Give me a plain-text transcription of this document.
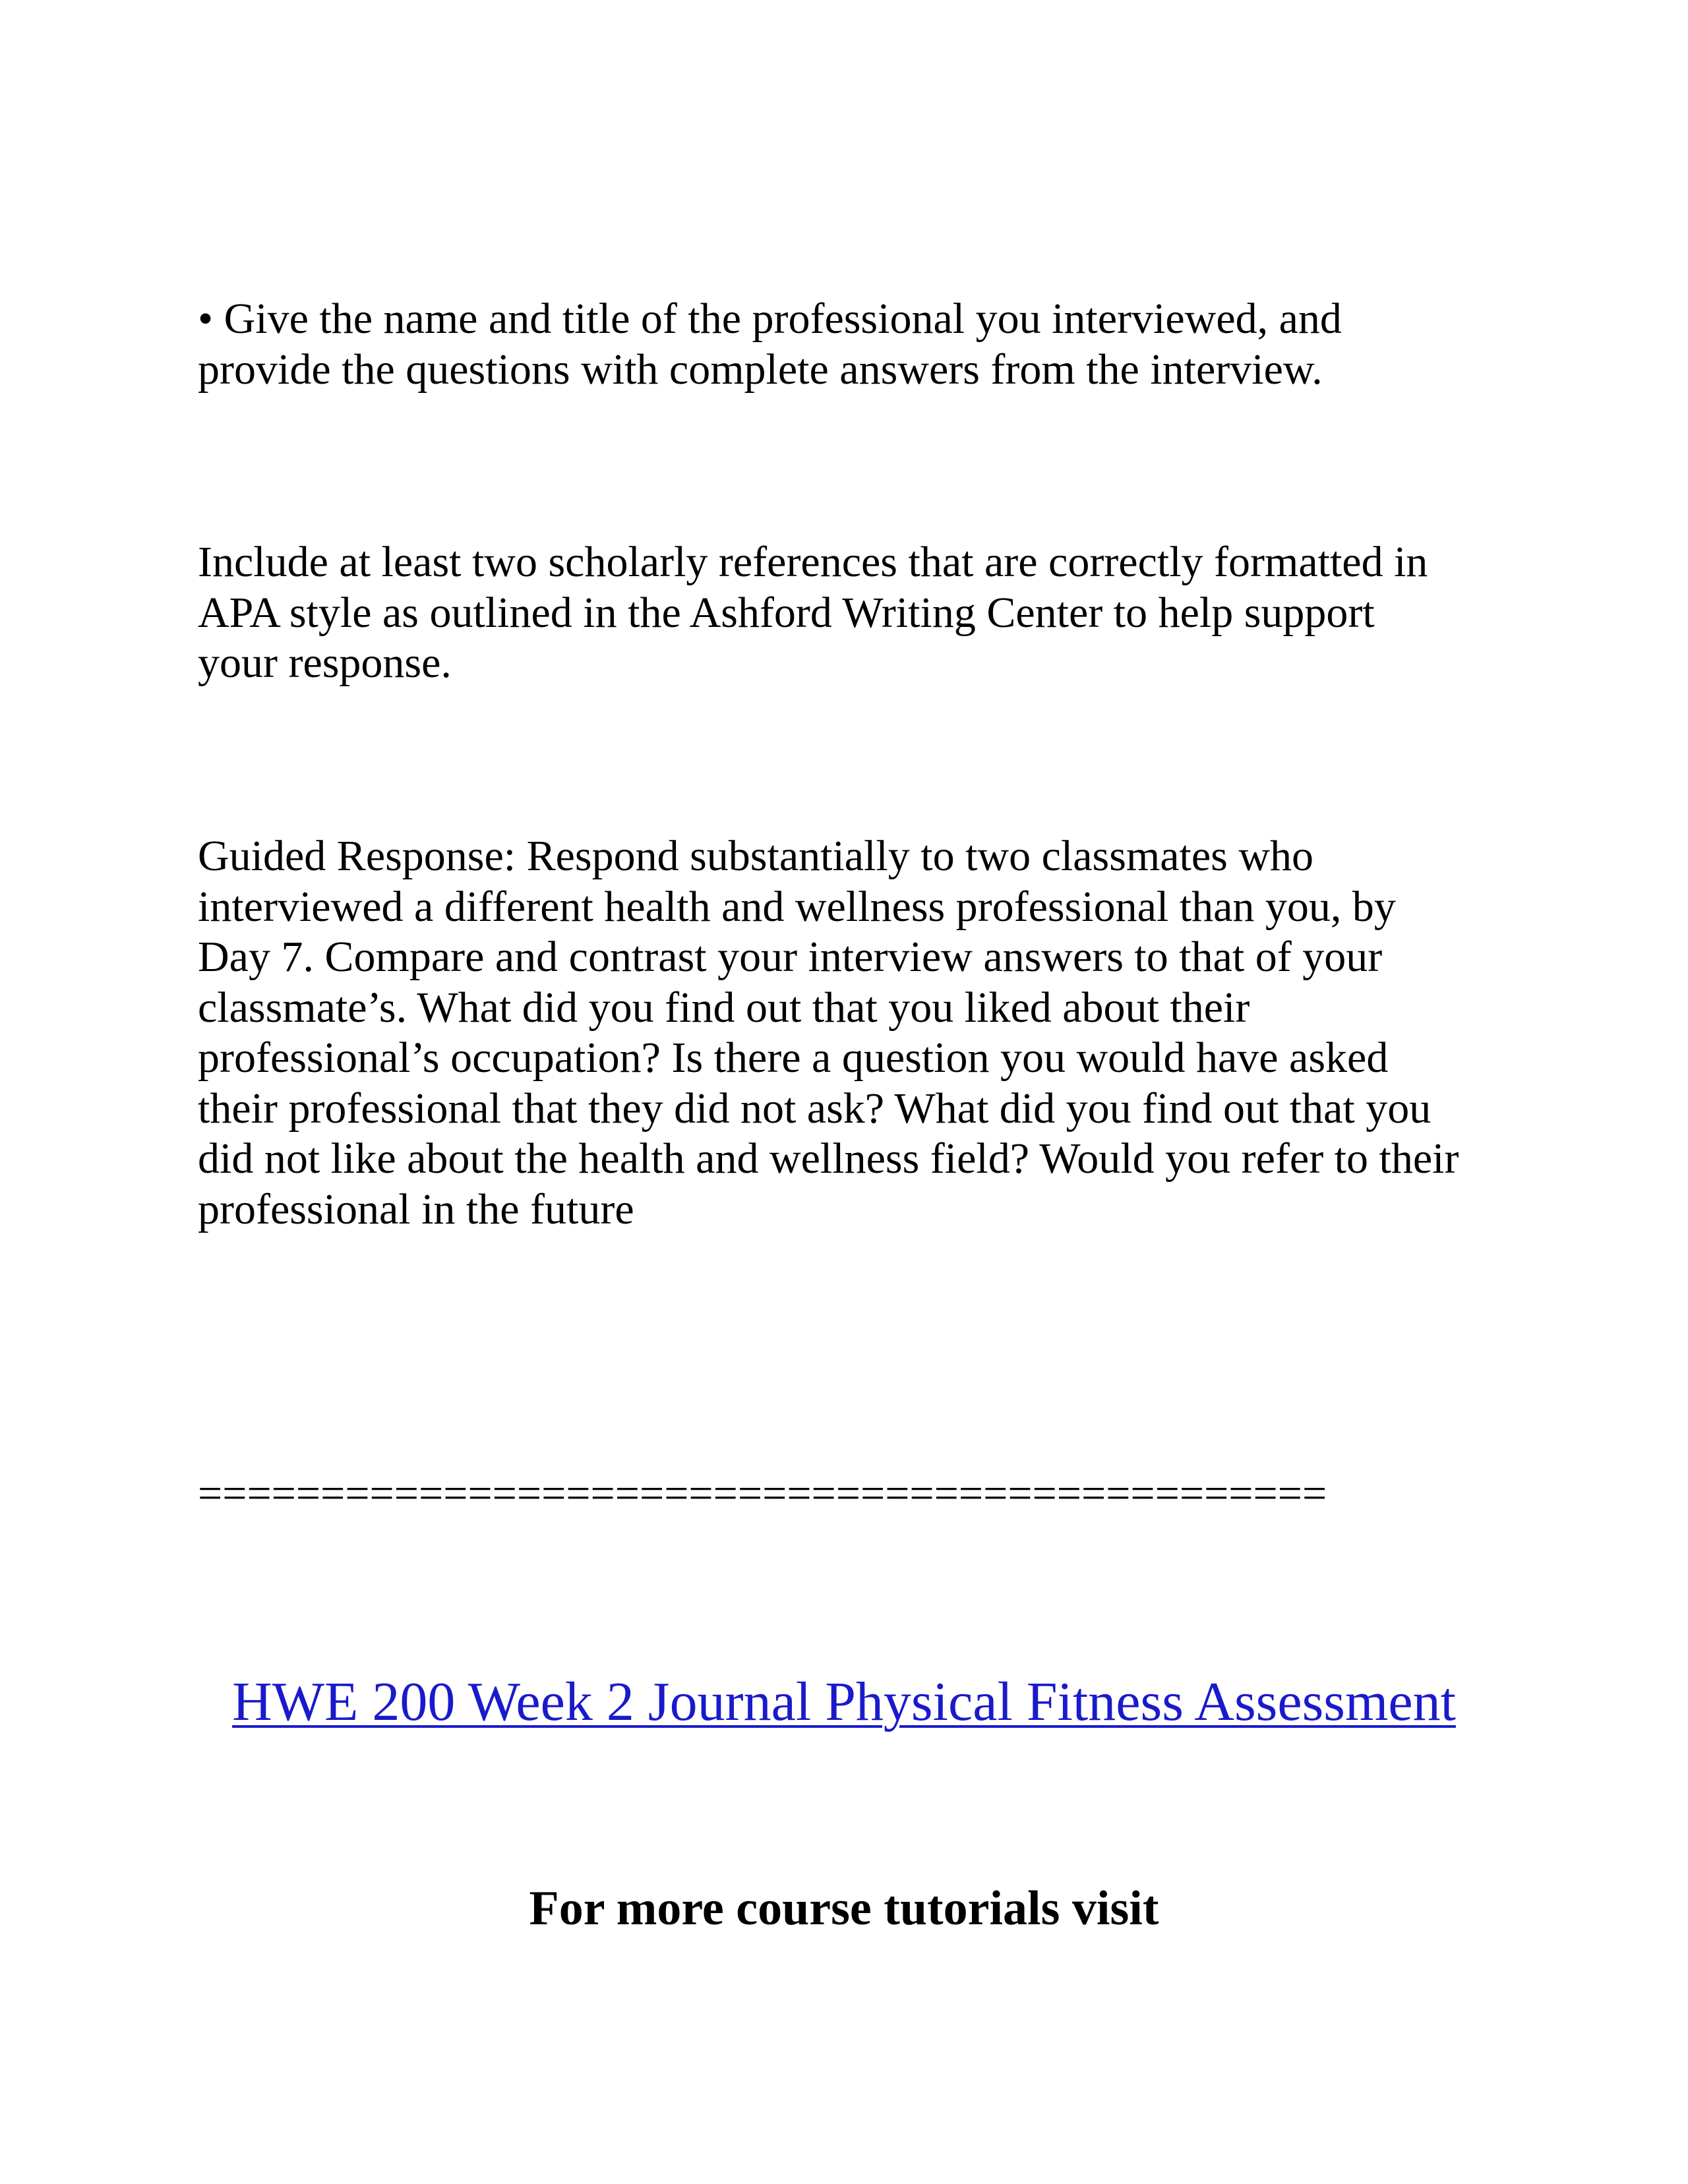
• Give the name and title of the professional you interviewed, and
provide the questions with complete answers from the interview.

Include at least two scholarly references that are correctly formatted in
APA style as outlined in the Ashford Writing Center to help support
your response.

Guided Response: Respond substantially to two classmates who
interviewed a different health and wellness professional than you, by
Day 7. Compare and contrast your interview answers to that of your
classmate’s. What did you find out that you liked about their
professional’s occupation? Is there a question you would have asked
their professional that they did not ask? What did you find out that you
did not like about the health and wellness field? Would you refer to their
professional in the future

==============================================
HWE 200 Week 2 Journal Physical Fitness Assessment
For more course tutorials visit
